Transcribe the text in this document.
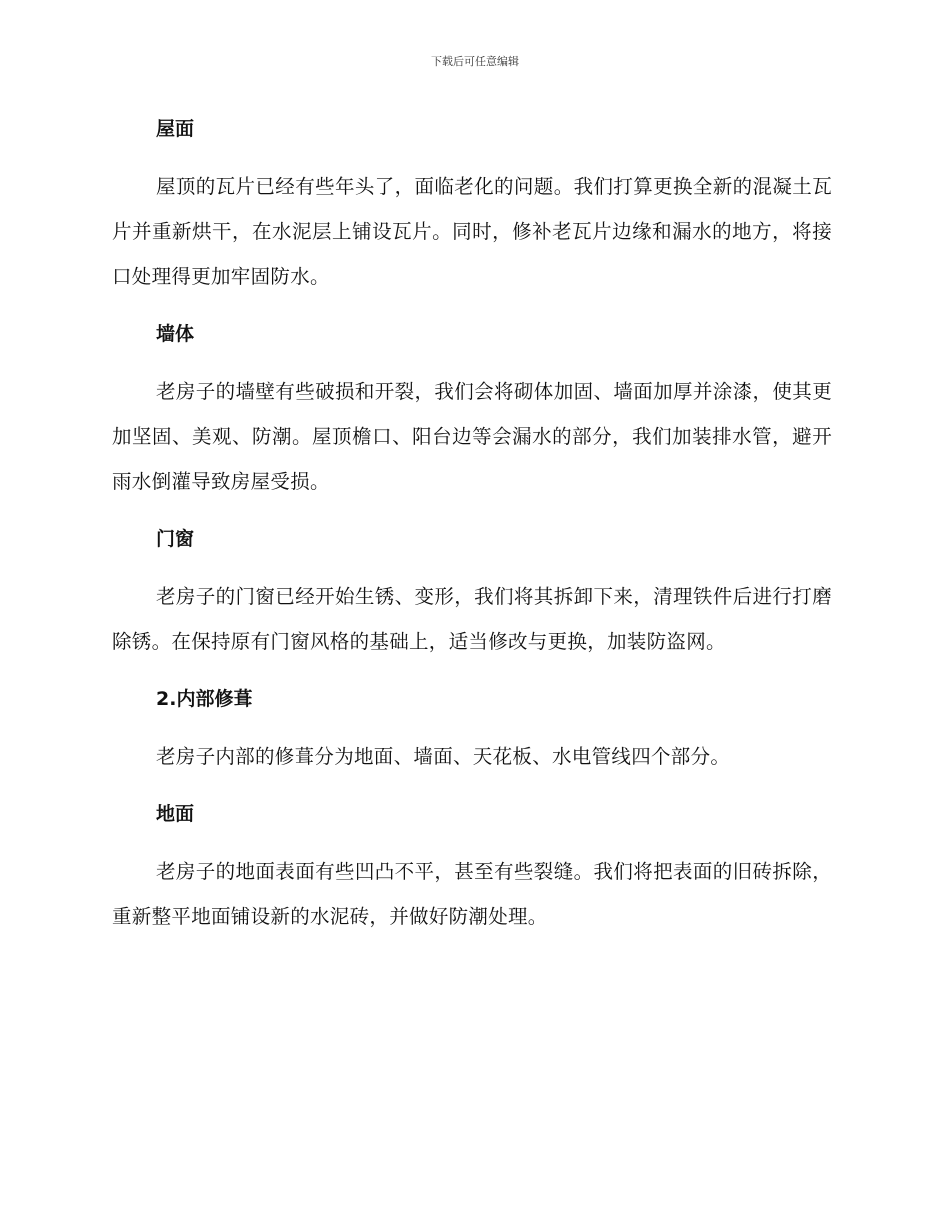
下载后可任意编辑
屋面

屋顶的瓦片已经有些年头了，面临老化的问题。我们打算更换全新的混凝土瓦片并重新烘干，在水泥层上铺设瓦片。同时，修补老瓦片边缘和漏水的地方，将接口处理得更加牢固防水。

墙体

老房子的墙壁有些破损和开裂，我们会将砌体加固、墙面加厚并涂漆，使其更加坚固、美观、防潮。屋顶檐口、阳台边等会漏水的部分，我们加装排水管，避开雨水倒灌导致房屋受损。

门窗

老房子的门窗已经开始生锈、变形，我们将其拆卸下来，清理铁件后进行打磨除锈。在保持原有门窗风格的基础上，适当修改与更换，加装防盗网。

2.内部修葺

老房子内部的修葺分为地面、墙面、天花板、水电管线四个部分。

地面

老房子的地面表面有些凹凸不平，甚至有些裂缝。我们将把表面的旧砖拆除，重新整平地面铺设新的水泥砖，并做好防潮处理。
